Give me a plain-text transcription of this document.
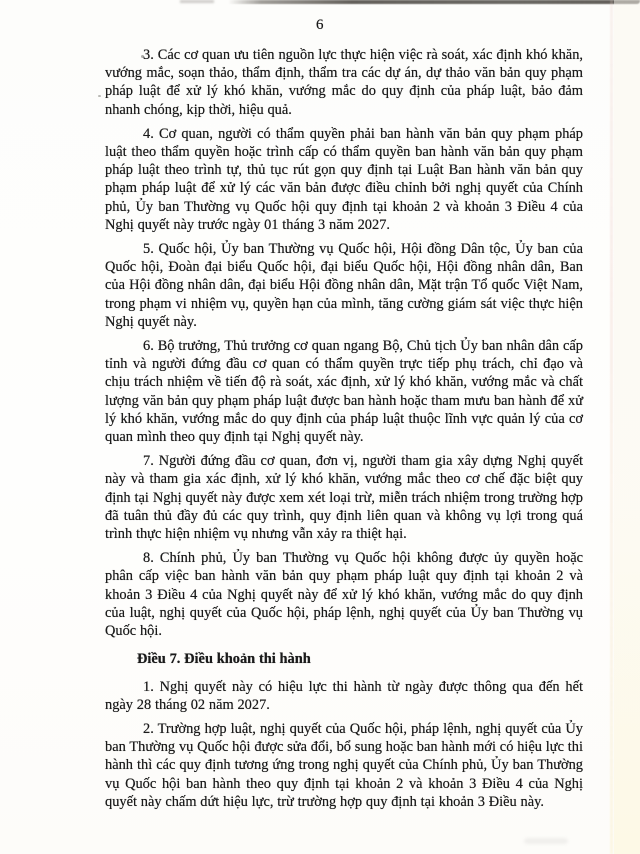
6

3. Các cơ quan ưu tiên nguồn lực thực hiện việc rà soát, xác định khó khăn, vướng mắc, soạn thảo, thẩm định, thẩm tra các dự án, dự thảo văn bản quy phạm pháp luật để xử lý khó khăn, vướng mắc do quy định của pháp luật, bảo đảm nhanh chóng, kịp thời, hiệu quả.

4. Cơ quan, người có thẩm quyền phải ban hành văn bản quy phạm pháp luật theo thẩm quyền hoặc trình cấp có thẩm quyền ban hành văn bản quy phạm pháp luật theo trình tự, thủ tục rút gọn quy định tại Luật Ban hành văn bản quy phạm pháp luật để xử lý các văn bản được điều chỉnh bởi nghị quyết của Chính phủ, Ủy ban Thường vụ Quốc hội quy định tại khoản 2 và khoản 3 Điều 4 của Nghị quyết này trước ngày 01 tháng 3 năm 2027.

5. Quốc hội, Ủy ban Thường vụ Quốc hội, Hội đồng Dân tộc, Ủy ban của Quốc hội, Đoàn đại biểu Quốc hội, đại biểu Quốc hội, Hội đồng nhân dân, Ban của Hội đồng nhân dân, đại biểu Hội đồng nhân dân, Mặt trận Tổ quốc Việt Nam, trong phạm vi nhiệm vụ, quyền hạn của mình, tăng cường giám sát việc thực hiện Nghị quyết này.

6. Bộ trưởng, Thủ trưởng cơ quan ngang Bộ, Chủ tịch Ủy ban nhân dân cấp tỉnh và người đứng đầu cơ quan có thẩm quyền trực tiếp phụ trách, chỉ đạo và chịu trách nhiệm về tiến độ rà soát, xác định, xử lý khó khăn, vướng mắc và chất lượng văn bản quy phạm pháp luật được ban hành hoặc tham mưu ban hành để xử lý khó khăn, vướng mắc do quy định của pháp luật thuộc lĩnh vực quản lý của cơ quan mình theo quy định tại Nghị quyết này.

7. Người đứng đầu cơ quan, đơn vị, người tham gia xây dựng Nghị quyết này và tham gia xác định, xử lý khó khăn, vướng mắc theo cơ chế đặc biệt quy định tại Nghị quyết này được xem xét loại trừ, miễn trách nhiệm trong trường hợp đã tuân thủ đầy đủ các quy trình, quy định liên quan và không vụ lợi trong quá trình thực hiện nhiệm vụ nhưng vẫn xảy ra thiệt hại.

8. Chính phủ, Ủy ban Thường vụ Quốc hội không được ủy quyền hoặc phân cấp việc ban hành văn bản quy phạm pháp luật quy định tại khoản 2 và khoản 3 Điều 4 của Nghị quyết này để xử lý khó khăn, vướng mắc do quy định của luật, nghị quyết của Quốc hội, pháp lệnh, nghị quyết của Ủy ban Thường vụ Quốc hội.

Điều 7. Điều khoản thi hành

1. Nghị quyết này có hiệu lực thi hành từ ngày được thông qua đến hết ngày 28 tháng 02 năm 2027.

2. Trường hợp luật, nghị quyết của Quốc hội, pháp lệnh, nghị quyết của Ủy ban Thường vụ Quốc hội được sửa đổi, bổ sung hoặc ban hành mới có hiệu lực thi hành thì các quy định tương ứng trong nghị quyết của Chính phủ, Ủy ban Thường vụ Quốc hội ban hành theo quy định tại khoản 2 và khoản 3 Điều 4 của Nghị quyết này chấm dứt hiệu lực, trừ trường hợp quy định tại khoản 3 Điều này.
